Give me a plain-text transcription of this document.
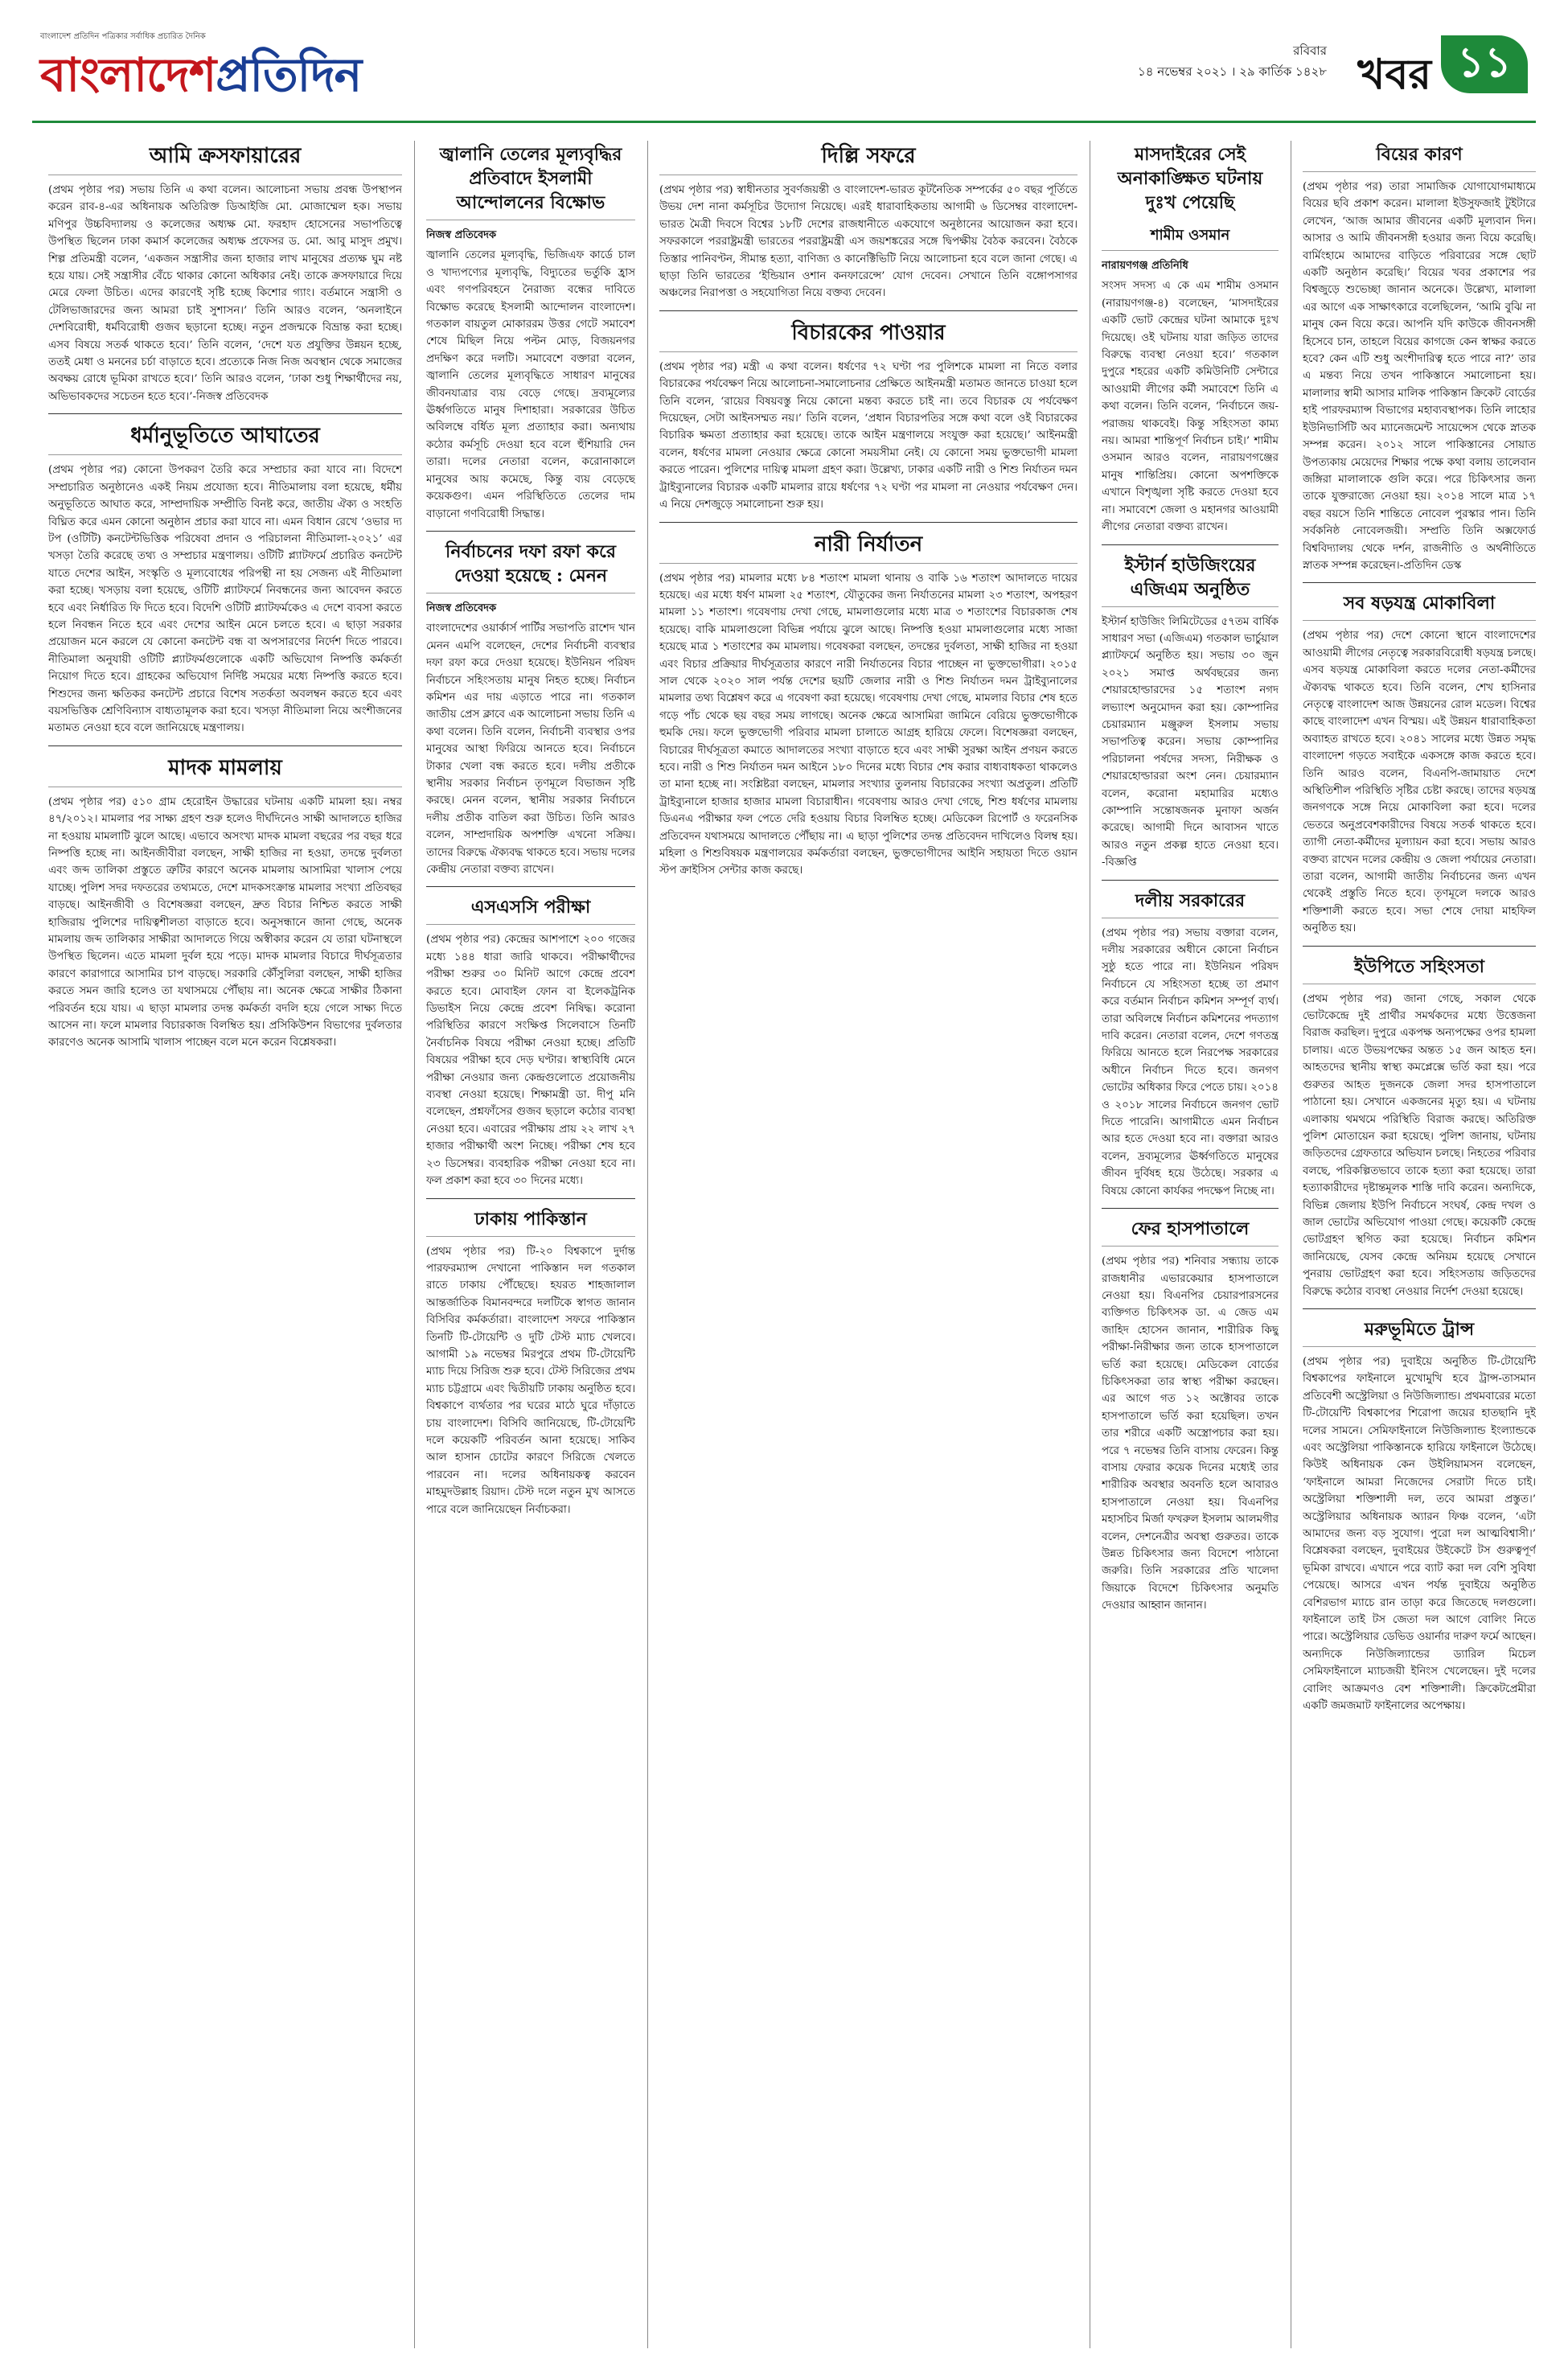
বাংলাদেশ প্রতিদিন পত্রিকার সর্বাধিক প্রচারিত দৈনিক
বাংলাদেশ প্রতিদিন	রবিবার
১৪ নভেম্বর ২০২১ । ২৯ কার্তিক ১৪২৮ খবর ১১
আমি ক্রসফায়ারের

(প্রথম পৃষ্ঠার পর) সভায় তিনি এ কথা বলেন। আলোচনা সভায় প্রবন্ধ উপস্থাপন করেন রাব-৪-এর অধিনায়ক অতিরিক্ত ডিআইজি মো. মোজাম্মেল হক। সভায় মণিপুর উচ্চবিদ্যালয় ও কলেজের অধ্যক্ষ মো. ফরহাদ হোসেনের সভাপতিত্বে উপস্থিত ছিলেন ঢাকা কমার্স কলেজের অধ্যক্ষ প্রফেসর ড. মো. আবু মাসুদ প্রমুখ। শিল্প প্রতিমন্ত্রী বলেন, ‘একজন সন্ত্রাসীর জন্য হাজার লাখ মানুষের প্রত্যক্ষ ঘুম নষ্ট হয়ে যায়। সেই সন্ত্রাসীর বেঁচে থাকার কোনো অধিকার নেই। তাকে ক্রসফায়ারে দিয়ে মেরে ফেলা উচিত। এদের কারণেই সৃষ্টি হচ্ছে কিশোর গ্যাং। বর্তমানে সন্ত্রাসী ও টেলিভাজারদের জন্য আমরা চাই সুশাসন।’ তিনি আরও বলেন, ‘অনলাইনে দেশবিরোধী, ধর্মবিরোধী গুজব ছড়ানো হচ্ছে। নতুন প্রজন্মকে বিভ্রান্ত করা হচ্ছে। এসব বিষয়ে সতর্ক থাকতে হবে।’ তিনি বলেন, ‘দেশে যত প্রযুক্তির উন্নয়ন হচ্ছে, ততই মেধা ও মননের চর্চা বাড়াতে হবে। প্রত্যেকে নিজ নিজ অবস্থান থেকে সমাজের অবক্ষয় রোধে ভূমিকা রাখতে হবে।’ তিনি আরও বলেন, ‘ঢাকা শুধু শিক্ষার্থীদের নয়, অভিভাবকদের সচেতন হতে হবে।’-নিজস্ব প্রতিবেদক

ধর্মানুভূতিতে আঘাতের

(প্রথম পৃষ্ঠার পর) কোনো উপকরণ তৈরি করে সম্প্রচার করা যাবে না। বিদেশে সম্প্রচারিত অনুষ্ঠানেও একই নিয়ম প্রযোজ্য হবে। নীতিমালায় বলা হয়েছে, ধর্মীয় অনুভূতিতে আঘাত করে, সাম্প্রদায়িক সম্প্রীতি বিনষ্ট করে, জাতীয় ঐক্য ও সংহতি বিঘ্নিত করে এমন কোনো অনুষ্ঠান প্রচার করা যাবে না। এমন বিধান রেখে ‘ওভার দ্য টপ (ওটিটি) কনটেন্টভিত্তিক পরিষেবা প্রদান ও পরিচালনা নীতিমালা-২০২১’ এর খসড়া তৈরি করেছে তথ্য ও সম্প্রচার মন্ত্রণালয়। ওটিটি প্ল্যাটফর্মে প্রচারিত কনটেন্ট যাতে দেশের আইন, সংস্কৃতি ও মূল্যবোধের পরিপন্থী না হয় সেজন্য এই নীতিমালা করা হচ্ছে। খসড়ায় বলা হয়েছে, ওটিটি প্ল্যাটফর্মে নিবন্ধনের জন্য আবেদন করতে হবে এবং নির্ধারিত ফি দিতে হবে। বিদেশি ওটিটি প্ল্যাটফর্মকেও এ দেশে ব্যবসা করতে হলে নিবন্ধন নিতে হবে এবং দেশের আইন মেনে চলতে হবে। এ ছাড়া সরকার প্রয়োজন মনে করলে যে কোনো কনটেন্ট বন্ধ বা অপসারণের নির্দেশ দিতে পারবে। নীতিমালা অনুযায়ী ওটিটি প্ল্যাটফর্মগুলোকে একটি অভিযোগ নিষ্পত্তি কর্মকর্তা নিয়োগ দিতে হবে। গ্রাহকের অভিযোগ নির্দিষ্ট সময়ের মধ্যে নিষ্পত্তি করতে হবে। শিশুদের জন্য ক্ষতিকর কনটেন্ট প্রচারে বিশেষ সতর্কতা অবলম্বন করতে হবে এবং বয়সভিত্তিক শ্রেণিবিন্যাস বাধ্যতামূলক করা হবে। খসড়া নীতিমালা নিয়ে অংশীজনের মতামত নেওয়া হবে বলে জানিয়েছে মন্ত্রণালয়।

মাদক মামলায়

(প্রথম পৃষ্ঠার পর) ৫১০ গ্রাম হেরোইন উদ্ধারের ঘটনায় একটি মামলা হয়। নম্বর ৪৭/২০১২। মামলার পর সাক্ষ্য গ্রহণ শুরু হলেও দীর্ঘদিনেও সাক্ষী আদালতে হাজির না হওয়ায় মামলাটি ঝুলে আছে। এভাবে অসংখ্য মাদক মামলা বছরের পর বছর ধরে নিষ্পত্তি হচ্ছে না। আইনজীবীরা বলছেন, সাক্ষী হাজির না হওয়া, তদন্তে দুর্বলতা এবং জব্দ তালিকা প্রস্তুতে ত্রুটির কারণে অনেক মামলায় আসামিরা খালাস পেয়ে যাচ্ছে। পুলিশ সদর দফতরের তথ্যমতে, দেশে মাদকসংক্রান্ত মামলার সংখ্যা প্রতিবছর বাড়ছে। আইনজীবী ও বিশেষজ্ঞরা বলছেন, দ্রুত বিচার নিশ্চিত করতে সাক্ষী হাজিরায় পুলিশের দায়িত্বশীলতা বাড়াতে হবে। অনুসন্ধানে জানা গেছে, অনেক মামলায় জব্দ তালিকার সাক্ষীরা আদালতে গিয়ে অস্বীকার করেন যে তারা ঘটনাস্থলে উপস্থিত ছিলেন। এতে মামলা দুর্বল হয়ে পড়ে। মাদক মামলার বিচারে দীর্ঘসূত্রতার কারণে কারাগারে আসামির চাপ বাড়ছে। সরকারি কৌঁসুলিরা বলছেন, সাক্ষী হাজির করতে সমন জারি হলেও তা যথাসময়ে পৌঁছায় না। অনেক ক্ষেত্রে সাক্ষীর ঠিকানা পরিবর্তন হয়ে যায়। এ ছাড়া মামলার তদন্ত কর্মকর্তা বদলি হয়ে গেলে সাক্ষ্য দিতে আসেন না। ফলে মামলার বিচারকাজ বিলম্বিত হয়। প্রসিকিউশন বিভাগের দুর্বলতার কারণেও অনেক আসামি খালাস পাচ্ছেন বলে মনে করেন বিশ্লেষকরা।

জ্বালানি তেলের মূল্যবৃদ্ধির প্রতিবাদে ইসলামী আন্দোলনের বিক্ষোভ
নিজস্ব প্রতিবেদক

জ্বালানি তেলের মূল্যবৃদ্ধি, ভিজিএফ কার্ডে চাল ও খাদ্যপণ্যের মূল্যবৃদ্ধি, বিদ্যুতের ভর্তুকি হ্রাস এবং গণপরিবহনে নৈরাজ্য বন্ধের দাবিতে বিক্ষোভ করেছে ইসলামী আন্দোলন বাংলাদেশ। গতকাল বায়তুল মোকাররম উত্তর গেটে সমাবেশ শেষে মিছিল নিয়ে পল্টন মোড়, বিজয়নগর প্রদক্ষিণ করে দলটি। সমাবেশে বক্তারা বলেন, জ্বালানি তেলের মূল্যবৃদ্ধিতে সাধারণ মানুষের জীবনযাত্রার ব্যয় বেড়ে গেছে। দ্রব্যমূল্যের ঊর্ধ্বগতিতে মানুষ দিশাহারা। সরকারের উচিত অবিলম্বে বর্ধিত মূল্য প্রত্যাহার করা। অন্যথায় কঠোর কর্মসূচি দেওয়া হবে বলে হুঁশিয়ারি দেন তারা। দলের নেতারা বলেন, করোনাকালে মানুষের আয় কমেছে, কিন্তু ব্যয় বেড়েছে কয়েকগুণ। এমন পরিস্থিতিতে তেলের দাম বাড়ানো গণবিরোধী সিদ্ধান্ত।

নির্বাচনের দফা রফা করে দেওয়া হয়েছে : মেনন
নিজস্ব প্রতিবেদক

বাংলাদেশের ওয়ার্কার্স পার্টির সভাপতি রাশেদ খান মেনন এমপি বলেছেন, দেশের নির্বাচনী ব্যবস্থার দফা রফা করে দেওয়া হয়েছে। ইউনিয়ন পরিষদ নির্বাচনে সহিংসতায় মানুষ নিহত হচ্ছে। নির্বাচন কমিশন এর দায় এড়াতে পারে না। গতকাল জাতীয় প্রেস ক্লাবে এক আলোচনা সভায় তিনি এ কথা বলেন। তিনি বলেন, নির্বাচনী ব্যবস্থার ওপর মানুষের আস্থা ফিরিয়ে আনতে হবে। নির্বাচনে টাকার খেলা বন্ধ করতে হবে। দলীয় প্রতীকে স্থানীয় সরকার নির্বাচন তৃণমূলে বিভাজন সৃষ্টি করছে। মেনন বলেন, স্থানীয় সরকার নির্বাচনে দলীয় প্রতীক বাতিল করা উচিত। তিনি আরও বলেন, সাম্প্রদায়িক অপশক্তি এখনো সক্রিয়। তাদের বিরুদ্ধে ঐক্যবদ্ধ থাকতে হবে। সভায় দলের কেন্দ্রীয় নেতারা বক্তব্য রাখেন।

এসএসসি পরীক্ষা

(প্রথম পৃষ্ঠার পর) কেন্দ্রের আশপাশে ২০০ গজের মধ্যে ১৪৪ ধারা জারি থাকবে। পরীক্ষার্থীদের পরীক্ষা শুরুর ৩০ মিনিট আগে কেন্দ্রে প্রবেশ করতে হবে। মোবাইল ফোন বা ইলেকট্রনিক ডিভাইস নিয়ে কেন্দ্রে প্রবেশ নিষিদ্ধ। করোনা পরিস্থিতির কারণে সংক্ষিপ্ত সিলেবাসে তিনটি নৈর্বাচনিক বিষয়ে পরীক্ষা নেওয়া হচ্ছে। প্রতিটি বিষয়ের পরীক্ষা হবে দেড় ঘণ্টার। স্বাস্থ্যবিধি মেনে পরীক্ষা নেওয়ার জন্য কেন্দ্রগুলোতে প্রয়োজনীয় ব্যবস্থা নেওয়া হয়েছে। শিক্ষামন্ত্রী ডা. দীপু মনি বলেছেন, প্রশ্নফাঁসের গুজব ছড়ালে কঠোর ব্যবস্থা নেওয়া হবে। এবারের পরীক্ষায় প্রায় ২২ লাখ ২৭ হাজার পরীক্ষার্থী অংশ নিচ্ছে। পরীক্ষা শেষ হবে ২৩ ডিসেম্বর। ব্যবহারিক পরীক্ষা নেওয়া হবে না। ফল প্রকাশ করা হবে ৩০ দিনের মধ্যে।

ঢাকায় পাকিস্তান

(প্রথম পৃষ্ঠার পর) টি-২০ বিশ্বকাপে দুর্দান্ত পারফরম্যান্স দেখানো পাকিস্তান দল গতকাল রাতে ঢাকায় পৌঁছেছে। হযরত শাহজালাল আন্তর্জাতিক বিমানবন্দরে দলটিকে স্বাগত জানান বিসিবির কর্মকর্তারা। বাংলাদেশ সফরে পাকিস্তান তিনটি টি-টোয়েন্টি ও দুটি টেস্ট ম্যাচ খেলবে। আগামী ১৯ নভেম্বর মিরপুরে প্রথম টি-টোয়েন্টি ম্যাচ দিয়ে সিরিজ শুরু হবে। টেস্ট সিরিজের প্রথম ম্যাচ চট্টগ্রামে এবং দ্বিতীয়টি ঢাকায় অনুষ্ঠিত হবে। বিশ্বকাপে ব্যর্থতার পর ঘরের মাঠে ঘুরে দাঁড়াতে চায় বাংলাদেশ। বিসিবি জানিয়েছে, টি-টোয়েন্টি দলে কয়েকটি পরিবর্তন আনা হয়েছে। সাকিব আল হাসান চোটের কারণে সিরিজে খেলতে পারবেন না। দলের অধিনায়কত্ব করবেন মাহমুদউল্লাহ রিয়াদ। টেস্ট দলে নতুন মুখ আসতে পারে বলে জানিয়েছেন নির্বাচকরা।

দিল্লি সফরে

(প্রথম পৃষ্ঠার পর) স্বাধীনতার সুবর্ণজয়ন্তী ও বাংলাদেশ-ভারত কূটনৈতিক সম্পর্কের ৫০ বছর পূর্তিতে উভয় দেশ নানা কর্মসূচির উদ্যোগ নিয়েছে। এরই ধারাবাহিকতায় আগামী ৬ ডিসেম্বর বাংলাদেশ-ভারত মৈত্রী দিবসে বিশ্বের ১৮টি দেশের রাজধানীতে একযোগে অনুষ্ঠানের আয়োজন করা হবে। সফরকালে পররাষ্ট্রমন্ত্রী ভারতের পররাষ্ট্রমন্ত্রী এস জয়শঙ্করের সঙ্গে দ্বিপক্ষীয় বৈঠক করবেন। বৈঠকে তিস্তার পানিবণ্টন, সীমান্ত হত্যা, বাণিজ্য ও কানেক্টিভিটি নিয়ে আলোচনা হবে বলে জানা গেছে। এ ছাড়া তিনি ভারতের ‘ইন্ডিয়ান ওশান কনফারেন্সে’ যোগ দেবেন। সেখানে তিনি বঙ্গোপসাগর অঞ্চলের নিরাপত্তা ও সহযোগিতা নিয়ে বক্তব্য দেবেন।

বিচারকের পাওয়ার

(প্রথম পৃষ্ঠার পর) মন্ত্রী এ কথা বলেন। ধর্ষণের ৭২ ঘণ্টা পর পুলিশকে মামলা না নিতে বলার বিচারকের পর্যবেক্ষণ নিয়ে আলোচনা-সমালোচনার প্রেক্ষিতে আইনমন্ত্রী মতামত জানতে চাওয়া হলে তিনি বলেন, ‘রায়ের বিষয়বস্তু নিয়ে কোনো মন্তব্য করতে চাই না। তবে বিচারক যে পর্যবেক্ষণ দিয়েছেন, সেটা আইনসম্মত নয়।’ তিনি বলেন, ‘প্রধান বিচারপতির সঙ্গে কথা বলে ওই বিচারকের বিচারিক ক্ষমতা প্রত্যাহার করা হয়েছে। তাকে আইন মন্ত্রণালয়ে সংযুক্ত করা হয়েছে।’ আইনমন্ত্রী বলেন, ধর্ষণের মামলা নেওয়ার ক্ষেত্রে কোনো সময়সীমা নেই। যে কোনো সময় ভুক্তভোগী মামলা করতে পারেন। পুলিশের দায়িত্ব মামলা গ্রহণ করা। উল্লেখ্য, ঢাকার একটি নারী ও শিশু নির্যাতন দমন ট্রাইব্যুনালের বিচারক একটি মামলার রায়ে ধর্ষণের ৭২ ঘণ্টা পর মামলা না নেওয়ার পর্যবেক্ষণ দেন। এ নিয়ে দেশজুড়ে সমালোচনা শুরু হয়।

নারী নির্যাতন

(প্রথম পৃষ্ঠার পর) মামলার মধ্যে ৮৪ শতাংশ মামলা থানায় ও বাকি ১৬ শতাংশ আদালতে দায়ের হয়েছে। এর মধ্যে ধর্ষণ মামলা ২৫ শতাংশ, যৌতুকের জন্য নির্যাতনের মামলা ২৩ শতাংশ, অপহরণ মামলা ১১ শতাংশ। গবেষণায় দেখা গেছে, মামলাগুলোর মধ্যে মাত্র ৩ শতাংশের বিচারকাজ শেষ হয়েছে। বাকি মামলাগুলো বিভিন্ন পর্যায়ে ঝুলে আছে। নিষ্পত্তি হওয়া মামলাগুলোর মধ্যে সাজা হয়েছে মাত্র ১ শতাংশের কম মামলায়। গবেষকরা বলছেন, তদন্তের দুর্বলতা, সাক্ষী হাজির না হওয়া এবং বিচার প্রক্রিয়ার দীর্ঘসূত্রতার কারণে নারী নির্যাতনের বিচার পাচ্ছেন না ভুক্তভোগীরা। ২০১৫ সাল থেকে ২০২০ সাল পর্যন্ত দেশের ছয়টি জেলার নারী ও শিশু নির্যাতন দমন ট্রাইব্যুনালের মামলার তথ্য বিশ্লেষণ করে এ গবেষণা করা হয়েছে। গবেষণায় দেখা গেছে, মামলার বিচার শেষ হতে গড়ে পাঁচ থেকে ছয় বছর সময় লাগছে। অনেক ক্ষেত্রে আসামিরা জামিনে বেরিয়ে ভুক্তভোগীকে হুমকি দেয়। ফলে ভুক্তভোগী পরিবার মামলা চালাতে আগ্রহ হারিয়ে ফেলে। বিশেষজ্ঞরা বলছেন, বিচারের দীর্ঘসূত্রতা কমাতে আদালতের সংখ্যা বাড়াতে হবে এবং সাক্ষী সুরক্ষা আইন প্রণয়ন করতে হবে। নারী ও শিশু নির্যাতন দমন আইনে ১৮০ দিনের মধ্যে বিচার শেষ করার বাধ্যবাধকতা থাকলেও তা মানা হচ্ছে না। সংশ্লিষ্টরা বলছেন, মামলার সংখ্যার তুলনায় বিচারকের সংখ্যা অপ্রতুল। প্রতিটি ট্রাইব্যুনালে হাজার হাজার মামলা বিচারাধীন। গবেষণায় আরও দেখা গেছে, শিশু ধর্ষণের মামলায় ডিএনএ পরীক্ষার ফল পেতে দেরি হওয়ায় বিচার বিলম্বিত হচ্ছে। মেডিকেল রিপোর্ট ও ফরেনসিক প্রতিবেদন যথাসময়ে আদালতে পৌঁছায় না। এ ছাড়া পুলিশের তদন্ত প্রতিবেদন দাখিলেও বিলম্ব হয়। মহিলা ও শিশুবিষয়ক মন্ত্রণালয়ের কর্মকর্তারা বলছেন, ভুক্তভোগীদের আইনি সহায়তা দিতে ওয়ান স্টপ ক্রাইসিস সেন্টার কাজ করছে।

মাসদাইরের সেই অনাকাঙ্ক্ষিত ঘটনায় দুঃখ পেয়েছি
শামীম ওসমান
নারায়ণগঞ্জ প্রতিনিধি

সংসদ সদস্য এ কে এম শামীম ওসমান (নারায়ণগঞ্জ-৪) বলেছেন, ‘মাসদাইরের একটি ভোট কেন্দ্রের ঘটনা আমাকে দুঃখ দিয়েছে। ওই ঘটনায় যারা জড়িত তাদের বিরুদ্ধে ব্যবস্থা নেওয়া হবে।’ গতকাল দুপুরে শহরের একটি কমিউনিটি সেন্টারে আওয়ামী লীগের কর্মী সমাবেশে তিনি এ কথা বলেন। তিনি বলেন, ‘নির্বাচনে জয়-পরাজয় থাকবেই। কিন্তু সহিংসতা কাম্য নয়। আমরা শান্তিপূর্ণ নির্বাচন চাই।’ শামীম ওসমান আরও বলেন, নারায়ণগঞ্জের মানুষ শান্তিপ্রিয়। কোনো অপশক্তিকে এখানে বিশৃঙ্খলা সৃষ্টি করতে দেওয়া হবে না। সমাবেশে জেলা ও মহানগর আওয়ামী লীগের নেতারা বক্তব্য রাখেন।

ইস্টার্ন হাউজিংয়ের এজিএম অনুষ্ঠিত

ইস্টার্ন হাউজিং লিমিটেডের ৫৭তম বার্ষিক সাধারণ সভা (এজিএম) গতকাল ভার্চুয়াল প্ল্যাটফর্মে অনুষ্ঠিত হয়। সভায় ৩০ জুন ২০২১ সমাপ্ত অর্থবছরের জন্য শেয়ারহোল্ডারদের ১৫ শতাংশ নগদ লভ্যাংশ অনুমোদন করা হয়। কোম্পানির চেয়ারম্যান মঞ্জুরুল ইসলাম সভায় সভাপতিত্ব করেন। সভায় কোম্পানির পরিচালনা পর্ষদের সদস্য, নিরীক্ষক ও শেয়ারহোল্ডাররা অংশ নেন। চেয়ারম্যান বলেন, করোনা মহামারির মধ্যেও কোম্পানি সন্তোষজনক মুনাফা অর্জন করেছে। আগামী দিনে আবাসন খাতে আরও নতুন প্রকল্প হাতে নেওয়া হবে। -বিজ্ঞপ্তি

দলীয় সরকারের

(প্রথম পৃষ্ঠার পর) সভায় বক্তারা বলেন, দলীয় সরকারের অধীনে কোনো নির্বাচন সুষ্ঠু হতে পারে না। ইউনিয়ন পরিষদ নির্বাচনে যে সহিংসতা হচ্ছে তা প্রমাণ করে বর্তমান নির্বাচন কমিশন সম্পূর্ণ ব্যর্থ। তারা অবিলম্বে নির্বাচন কমিশনের পদত্যাগ দাবি করেন। নেতারা বলেন, দেশে গণতন্ত্র ফিরিয়ে আনতে হলে নিরপেক্ষ সরকারের অধীনে নির্বাচন দিতে হবে। জনগণ ভোটের অধিকার ফিরে পেতে চায়। ২০১৪ ও ২০১৮ সালের নির্বাচনে জনগণ ভোট দিতে পারেনি। আগামীতে এমন নির্বাচন আর হতে দেওয়া হবে না। বক্তারা আরও বলেন, দ্রব্যমূল্যের ঊর্ধ্বগতিতে মানুষের জীবন দুর্বিষহ হয়ে উঠেছে। সরকার এ বিষয়ে কোনো কার্যকর পদক্ষেপ নিচ্ছে না।

ফের হাসপাতালে

(প্রথম পৃষ্ঠার পর) শনিবার সন্ধ্যায় তাকে রাজধানীর এভারকেয়ার হাসপাতালে নেওয়া হয়। বিএনপির চেয়ারপারসনের ব্যক্তিগত চিকিৎসক ডা. এ জেড এম জাহিদ হোসেন জানান, শারীরিক কিছু পরীক্ষা-নিরীক্ষার জন্য তাকে হাসপাতালে ভর্তি করা হয়েছে। মেডিকেল বোর্ডের চিকিৎসকরা তার স্বাস্থ্য পরীক্ষা করছেন। এর আগে গত ১২ অক্টোবর তাকে হাসপাতালে ভর্তি করা হয়েছিল। তখন তার শরীরে একটি অস্ত্রোপচার করা হয়। পরে ৭ নভেম্বর তিনি বাসায় ফেরেন। কিন্তু বাসায় ফেরার কয়েক দিনের মধ্যেই তার শারীরিক অবস্থার অবনতি হলে আবারও হাসপাতালে নেওয়া হয়। বিএনপির মহাসচিব মির্জা ফখরুল ইসলাম আলমগীর বলেন, দেশনেত্রীর অবস্থা গুরুতর। তাকে উন্নত চিকিৎসার জন্য বিদেশে পাঠানো জরুরি। তিনি সরকারের প্রতি খালেদা জিয়াকে বিদেশে চিকিৎসার অনুমতি দেওয়ার আহ্বান জানান।

বিয়ের কারণ

(প্রথম পৃষ্ঠার পর) তারা সামাজিক যোগাযোগমাধ্যমে বিয়ের ছবি প্রকাশ করেন। মালালা ইউসুফজাই টুইটারে লেখেন, ‘আজ আমার জীবনের একটি মূল্যবান দিন। আসার ও আমি জীবনসঙ্গী হওয়ার জন্য বিয়ে করেছি। বার্মিংহামে আমাদের বাড়িতে পরিবারের সঙ্গে ছোট একটি অনুষ্ঠান করেছি।’ বিয়ের খবর প্রকাশের পর বিশ্বজুড়ে শুভেচ্ছা জানান অনেকে। উল্লেখ্য, মালালা এর আগে এক সাক্ষাৎকারে বলেছিলেন, ‘আমি বুঝি না মানুষ কেন বিয়ে করে। আপনি যদি কাউকে জীবনসঙ্গী হিসেবে চান, তাহলে বিয়ের কাগজে কেন স্বাক্ষর করতে হবে? কেন এটি শুধু অংশীদারিত্ব হতে পারে না?’ তার এ মন্তব্য নিয়ে তখন পাকিস্তানে সমালোচনা হয়। মালালার স্বামী আসার মালিক পাকিস্তান ক্রিকেট বোর্ডের হাই পারফরম্যান্স বিভাগের মহাব্যবস্থাপক। তিনি লাহোর ইউনিভার্সিটি অব ম্যানেজমেন্ট সায়েন্সেস থেকে স্নাতক সম্পন্ন করেন। ২০১২ সালে পাকিস্তানের সোয়াত উপত্যকায় মেয়েদের শিক্ষার পক্ষে কথা বলায় তালেবান জঙ্গিরা মালালাকে গুলি করে। পরে চিকিৎসার জন্য তাকে যুক্তরাজ্যে নেওয়া হয়। ২০১৪ সালে মাত্র ১৭ বছর বয়সে তিনি শান্তিতে নোবেল পুরস্কার পান। তিনি সর্বকনিষ্ঠ নোবেলজয়ী। সম্প্রতি তিনি অক্সফোর্ড বিশ্ববিদ্যালয় থেকে দর্শন, রাজনীতি ও অর্থনীতিতে স্নাতক সম্পন্ন করেছেন।-প্রতিদিন ডেস্ক

সব ষড়যন্ত্র মোকাবিলা

(প্রথম পৃষ্ঠার পর) দেশে কোনো স্থানে বাংলাদেশের আওয়ামী লীগের নেতৃত্বে সরকারবিরোধী ষড়যন্ত্র চলছে। এসব ষড়যন্ত্র মোকাবিলা করতে দলের নেতা-কর্মীদের ঐক্যবদ্ধ থাকতে হবে। তিনি বলেন, শেখ হাসিনার নেতৃত্বে বাংলাদেশ আজ উন্নয়নের রোল মডেল। বিশ্বের কাছে বাংলাদেশ এখন বিস্ময়। এই উন্নয়ন ধারাবাহিকতা অব্যাহত রাখতে হবে। ২০৪১ সালের মধ্যে উন্নত সমৃদ্ধ বাংলাদেশ গড়তে সবাইকে একসঙ্গে কাজ করতে হবে। তিনি আরও বলেন, বিএনপি-জামায়াত দেশে অস্থিতিশীল পরিস্থিতি সৃষ্টির চেষ্টা করছে। তাদের ষড়যন্ত্র জনগণকে সঙ্গে নিয়ে মোকাবিলা করা হবে। দলের ভেতরে অনুপ্রবেশকারীদের বিষয়ে সতর্ক থাকতে হবে। ত্যাগী নেতা-কর্মীদের মূল্যায়ন করা হবে। সভায় আরও বক্তব্য রাখেন দলের কেন্দ্রীয় ও জেলা পর্যায়ের নেতারা। তারা বলেন, আগামী জাতীয় নির্বাচনের জন্য এখন থেকেই প্রস্তুতি নিতে হবে। তৃণমূলে দলকে আরও শক্তিশালী করতে হবে। সভা শেষে দোয়া মাহফিল অনুষ্ঠিত হয়।

ইউপিতে সহিংসতা

(প্রথম পৃষ্ঠার পর) জানা গেছে, সকাল থেকে ভোটকেন্দ্রে দুই প্রার্থীর সমর্থকদের মধ্যে উত্তেজনা বিরাজ করছিল। দুপুরে একপক্ষ অন্যপক্ষের ওপর হামলা চালায়। এতে উভয়পক্ষের অন্তত ১৫ জন আহত হন। আহতদের স্থানীয় স্বাস্থ্য কমপ্লেক্সে ভর্তি করা হয়। পরে গুরুতর আহত দুজনকে জেলা সদর হাসপাতালে পাঠানো হয়। সেখানে একজনের মৃত্যু হয়। এ ঘটনায় এলাকায় থমথমে পরিস্থিতি বিরাজ করছে। অতিরিক্ত পুলিশ মোতায়েন করা হয়েছে। পুলিশ জানায়, ঘটনায় জড়িতদের গ্রেফতারে অভিযান চলছে। নিহতের পরিবার বলছে, পরিকল্পিতভাবে তাকে হত্যা করা হয়েছে। তারা হত্যাকারীদের দৃষ্টান্তমূলক শাস্তি দাবি করেন। অন্যদিকে, বিভিন্ন জেলায় ইউপি নির্বাচনে সংঘর্ষ, কেন্দ্র দখল ও জাল ভোটের অভিযোগ পাওয়া গেছে। কয়েকটি কেন্দ্রে ভোটগ্রহণ স্থগিত করা হয়েছে। নির্বাচন কমিশন জানিয়েছে, যেসব কেন্দ্রে অনিয়ম হয়েছে সেখানে পুনরায় ভোটগ্রহণ করা হবে। সহিংসতায় জড়িতদের বিরুদ্ধে কঠোর ব্যবস্থা নেওয়ার নির্দেশ দেওয়া হয়েছে।

মরুভূমিতে ট্রান্স

(প্রথম পৃষ্ঠার পর) দুবাইয়ে অনুষ্ঠিত টি-টোয়েন্টি বিশ্বকাপের ফাইনালে মুখোমুখি হবে ট্রান্স-তাসমান প্রতিবেশী অস্ট্রেলিয়া ও নিউজিল্যান্ড। প্রথমবারের মতো টি-টোয়েন্টি বিশ্বকাপের শিরোপা জয়ের হাতছানি দুই দলের সামনে। সেমিফাইনালে নিউজিল্যান্ড ইংল্যান্ডকে এবং অস্ট্রেলিয়া পাকিস্তানকে হারিয়ে ফাইনালে উঠেছে। কিউই অধিনায়ক কেন উইলিয়ামসন বলেছেন, ‘ফাইনালে আমরা নিজেদের সেরাটা দিতে চাই। অস্ট্রেলিয়া শক্তিশালী দল, তবে আমরা প্রস্তুত।’ অস্ট্রেলিয়ার অধিনায়ক অ্যারন ফিঞ্চ বলেন, ‘এটা আমাদের জন্য বড় সুযোগ। পুরো দল আত্মবিশ্বাসী।’ বিশ্লেষকরা বলছেন, দুবাইয়ের উইকেটে টস গুরুত্বপূর্ণ ভূমিকা রাখবে। এখানে পরে ব্যাট করা দল বেশি সুবিধা পেয়েছে। আসরে এখন পর্যন্ত দুবাইয়ে অনুষ্ঠিত বেশিরভাগ ম্যাচে রান তাড়া করে জিতেছে দলগুলো। ফাইনালে তাই টস জেতা দল আগে বোলিং নিতে পারে। অস্ট্রেলিয়ার ডেভিড ওয়ার্নার দারুণ ফর্মে আছেন। অন্যদিকে নিউজিল্যান্ডের ড্যারিল মিচেল সেমিফাইনালে ম্যাচজয়ী ইনিংস খেলেছেন। দুই দলের বোলিং আক্রমণও বেশ শক্তিশালী। ক্রিকেটপ্রেমীরা একটি জমজমাট ফাইনালের অপেক্ষায়।
